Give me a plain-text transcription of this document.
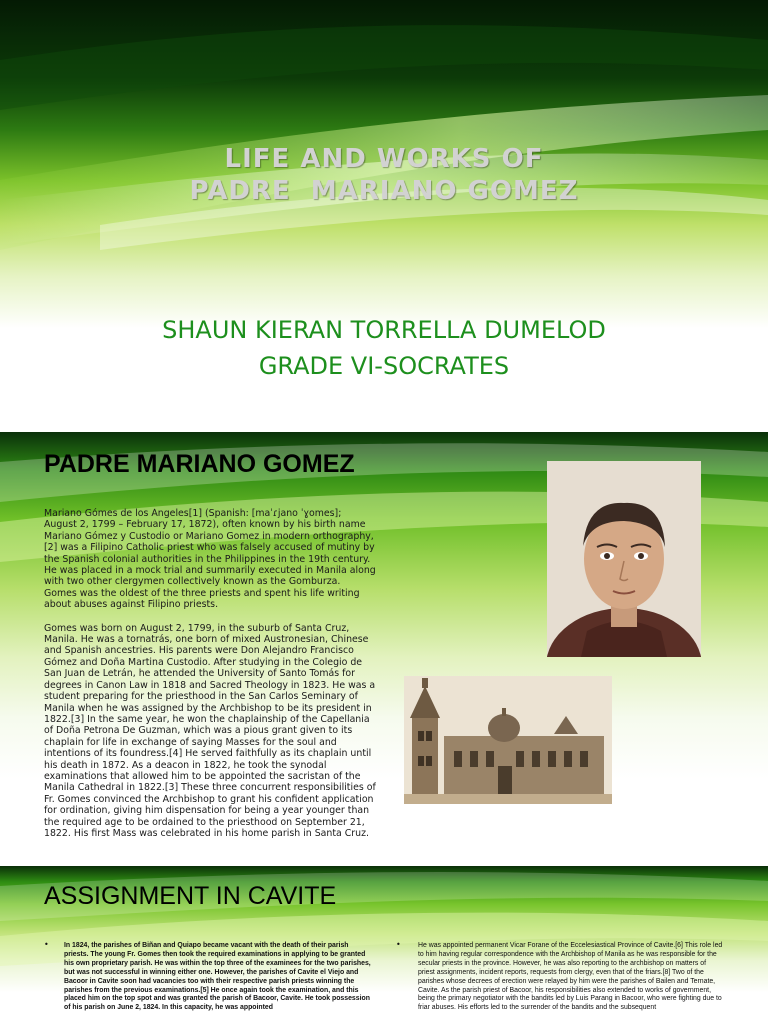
LIFE AND WORKS OF
PADRE  MARIANO GOMEZ
SHAUN KIERAN TORRELLA DUMELOD
GRADE VI-SOCRATES
PADRE MARIANO GOMEZ

Mariano Gómes de los Ángeles[1] (Spanish: [maˈɾjano ˈɣomes]; August 2, 1799 – February 17, 1872), often known by his birth name Mariano Gómez y Custodio or Mariano Gomez in modern orthography,[2] was a Filipino Catholic priest who was falsely accused of mutiny by the Spanish colonial authorities in the Philippines in the 19th century. He was placed in a mock trial and summarily executed in Manila along with two other clergymen collectively known as the Gomburza. Gomes was the oldest of the three priests and spent his life writing about abuses against Filipino priests.

Gomes was born on August 2, 1799, in the suburb of Santa Cruz, Manila. He was a tornatrás, one born of mixed Austronesian, Chinese and Spanish ancestries. His parents were Don Alejandro Francisco Gómez and Doña Martina Custodio. After studying in the Colegio de San Juan de Letrán, he attended the University of Santo Tomás for degrees in Canon Law in 1818 and Sacred Theology in 1823. He was a student preparing for the priesthood in the San Carlos Seminary of Manila when he was assigned by the Archbishop to be its president in 1822.[3] In the same year, he won the chaplainship of the Capellania of Doña Petrona De Guzman, which was a pious grant given to its chaplain for life in exchange of saying Masses for the soul and intentions of its foundress.[4] He served faithfully as its chaplain until his death in 1872. As a deacon in 1822, he took the synodal examinations that allowed him to be appointed the sacristan of the Manila Cathedral in 1822.[3] These three concurrent responsibilities of Fr. Gomes convinced the Archbishop to grant his confident application for ordination, giving him dispensation for being a year younger than the required age to be ordained to the priesthood on September 21, 1822. His first Mass was celebrated in his home parish in Santa Cruz.

ASSIGNMENT IN CAVITE
• In 1824, the parishes of Biñan and Quiapo became vacant with the death of their parish priests. The young Fr. Gomes then took the required examinations in applying to be granted his own proprietary parish. He was within the top three of the examinees for the two parishes, but was not successful in winning either one. However, the parishes of Cavite el Viejo and Bacoor in Cavite soon had vacancies too with their respective parish priests winning the parishes from the previous examinations.[5] He once again took the examination, and this placed him on the top spot and was granted the parish of Bacoor, Cavite. He took possession of his parish on June 2, 1824. In this capacity, he was appointed
•	He was appointed permanent Vicar Forane of the Eccelesiastical Province of Cavite.[6] This role led to him having regular correspondence with the Archbishop of Manila as he was responsible for the secular priests in the province. However, he was also reporting to the archbishop on matters of priest assignments, incident reports, requests from clergy, even that of the friars.[8] Two of the parishes whose decrees of erection were relayed by him were the parishes of Bailen and Ternate, Cavite. As the parish priest of Bacoor, his responsibilities also extended to works of government, being the primary negotiator with the bandits led by Luis Parang in Bacoor, who were fighting due to friar abuses. His efforts led to the surrender of the bandits and the subsequent
